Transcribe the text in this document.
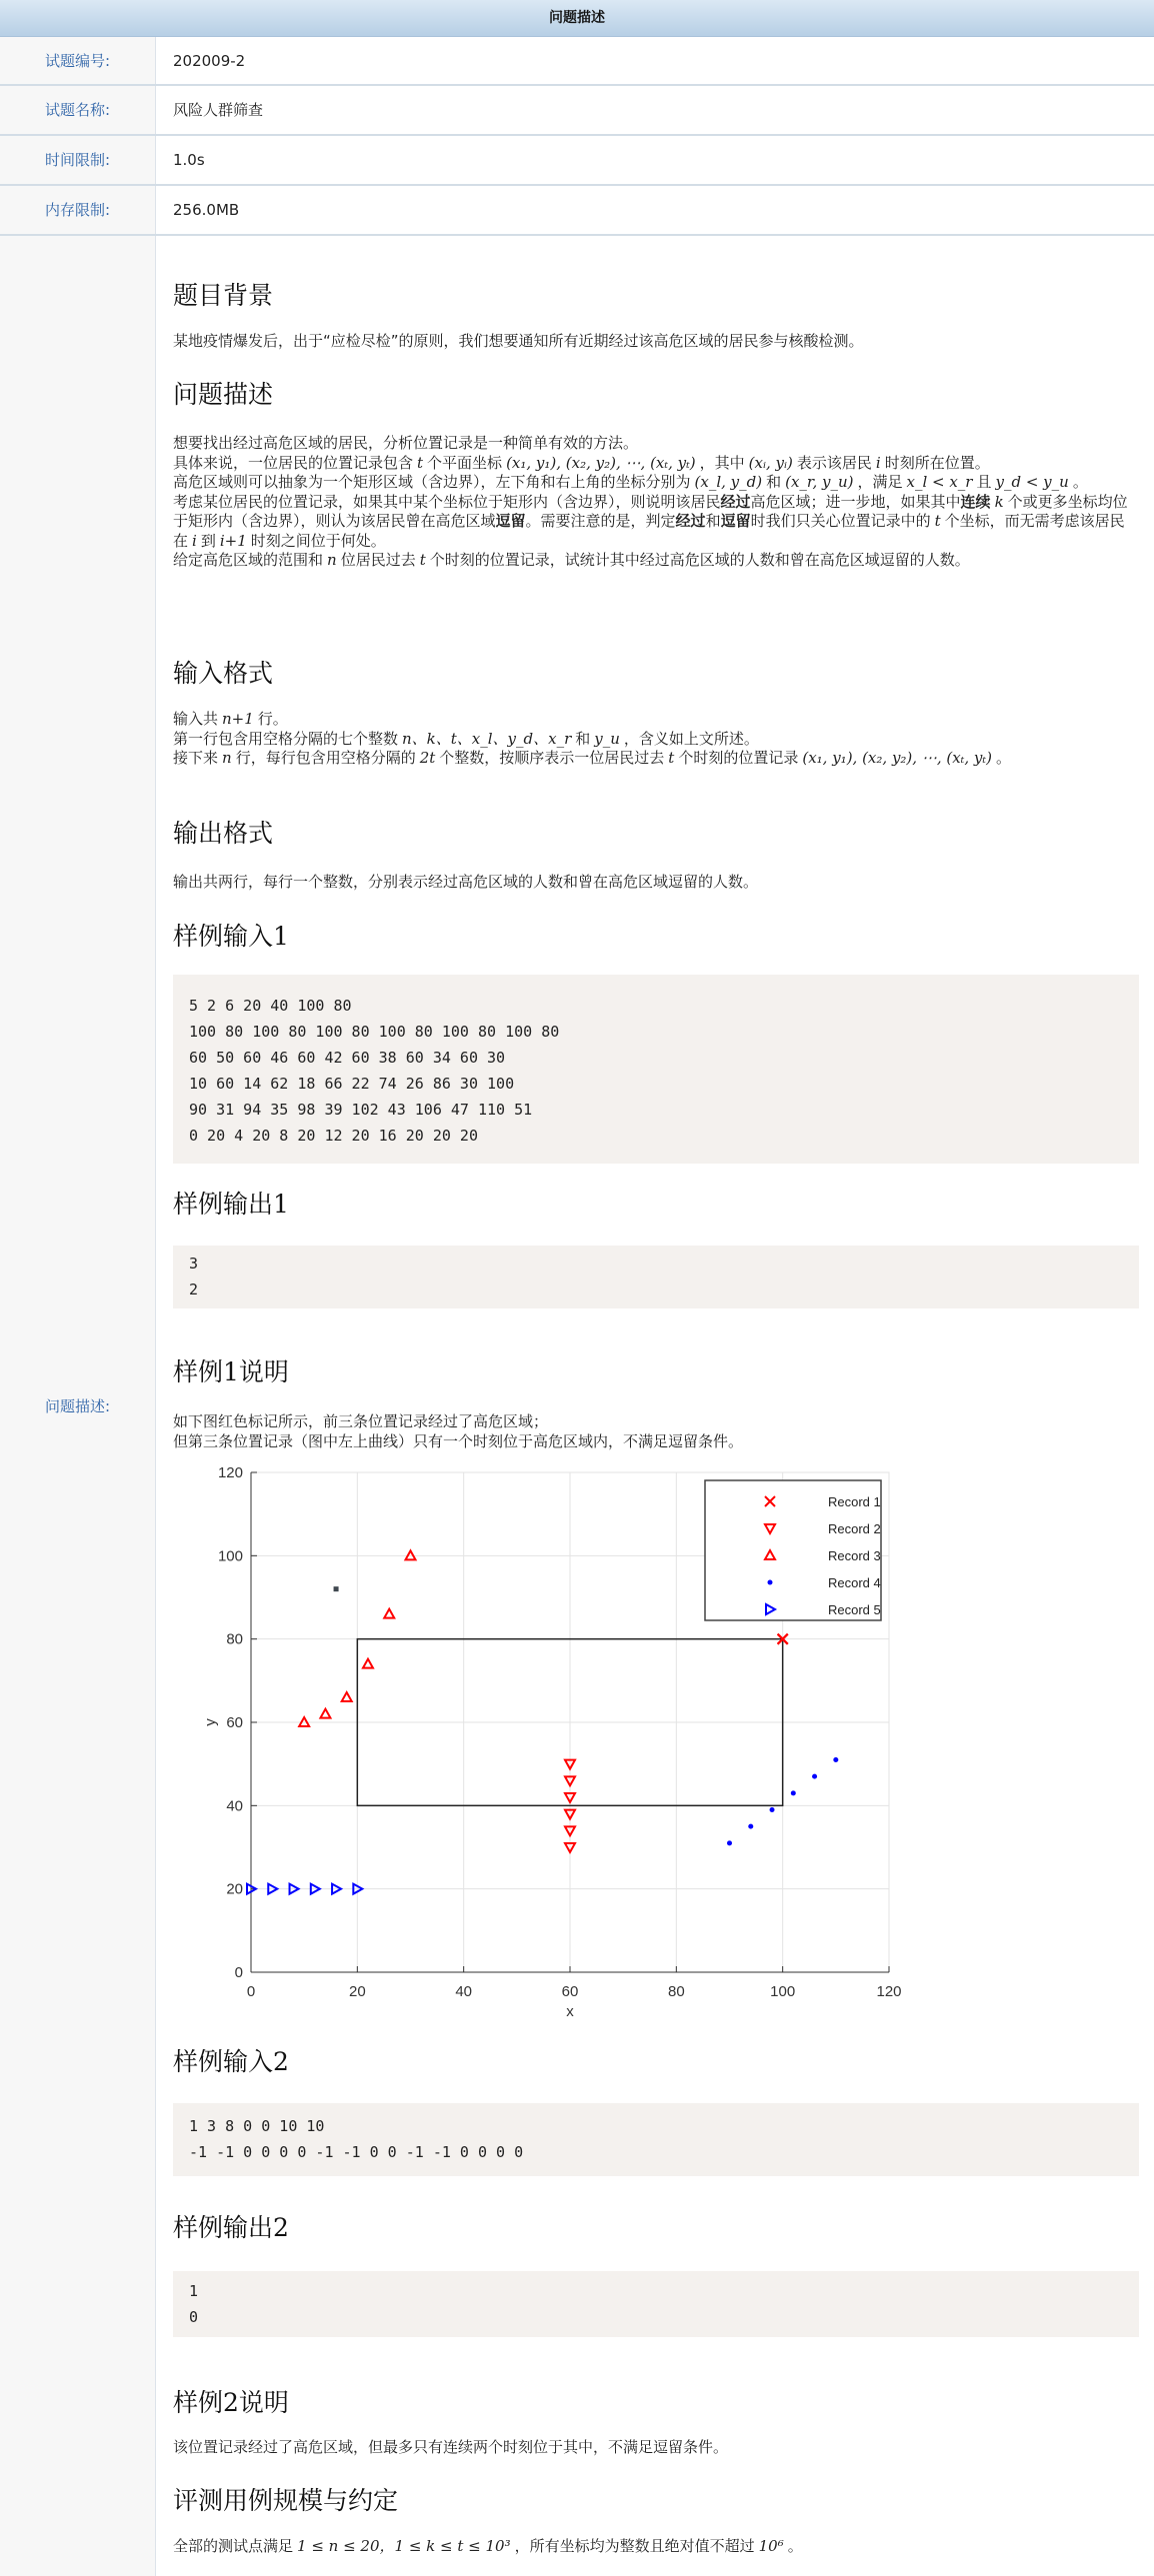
问题描述
试题编号:	202009-2
试题名称:	风险人群筛查
时间限制:	1.0s
内存限制:	256.0MB
问题描述:
题目背景
某地疫情爆发后，出于“应检尽检”的原则，我们想要通知所有近期经过该高危区域的居民参与核酸检测。
问题描述
想要找出经过高危区域的居民，分析位置记录是一种简单有效的方法。
具体来说，一位居民的位置记录包含 t 个平面坐标 (x₁, y₁), (x₂, y₂), ⋯, (xₜ, yₜ) ，其中 (xᵢ, yᵢ) 表示该居民 i 时刻所在位置。
高危区域则可以抽象为一个矩形区域（含边界），左下角和右上角的坐标分别为 (x_l, y_d) 和 (x_r, y_u) ，满足 x_l < x_r 且 y_d < y_u 。
考虑某位居民的位置记录，如果其中某个坐标位于矩形内（含边界），则说明该居民经过高危区域；进一步地，如果其中连续 k 个或更多坐标均位于矩形内（含边界），则认为该居民曾在高危区域逗留。需要注意的是，判定经过和逗留时我们只关心位置记录中的 t 个坐标，而无需考虑该居民在 i 到 i+1 时刻之间位于何处。
给定高危区域的范围和 n 位居民过去 t 个时刻的位置记录，试统计其中经过高危区域的人数和曾在高危区域逗留的人数。
输入格式
输入共 n+1 行。
第一行包含用空格分隔的七个整数 n、k、t、x_l、y_d、x_r 和 y_u ，含义如上文所述。
接下来 n 行，每行包含用空格分隔的 2t 个整数，按顺序表示一位居民过去 t 个时刻的位置记录 (x₁, y₁), (x₂, y₂), ⋯, (xₜ, yₜ) 。
输出格式
输出共两行，每行一个整数，分别表示经过高危区域的人数和曾在高危区域逗留的人数。
样例输入1
5 2 6 20 40 100 80
100 80 100 80 100 80 100 80 100 80 100 80
60 50 60 46 60 42 60 38 60 34 60 30
10 60 14 62 18 66 22 74 26 86 30 100
90 31 94 35 98 39 102 43 106 47 110 51
0 20 4 20 8 20 12 20 16 20 20 20
样例输出1
3
2
样例1说明
如下图红色标记所示，前三条位置记录经过了高危区域；
但第三条位置记录（图中左上曲线）只有一个时刻位于高危区域内，不满足逗留条件。
0	20	40	60	80	100	120
0
20
40
60
80
100
120
x
y
Record 1
Record 2
Record 3
Record 4
Record 5
样例输入2
1 3 8 0 0 10 10
-1 -1 0 0 0 0 -1 -1 0 0 -1 -1 0 0 0 0
样例输出2
1
0
样例2说明
该位置记录经过了高危区域，但最多只有连续两个时刻位于其中，不满足逗留条件。
评测用例规模与约定
全部的测试点满足 1 ≤ n ≤ 20，1 ≤ k ≤ t ≤ 10³ ，所有坐标均为整数且绝对值不超过 10⁶ 。
